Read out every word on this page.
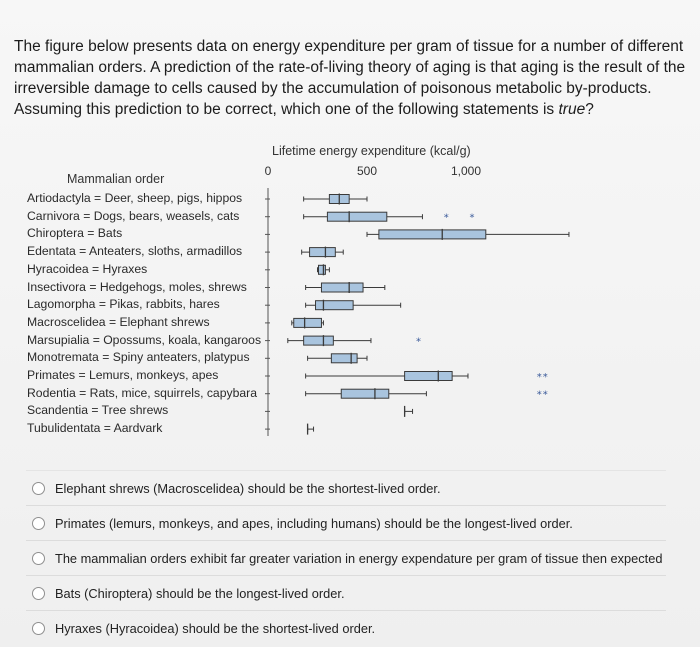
The figure below presents data on energy expenditure per gram of tissue for a number of different mammalian orders. A prediction of the rate-of-living theory of aging is that aging is the result of the irreversible damage to cells caused by the accumulation of poisonous metabolic by-products. Assuming this prediction to be correct, which one of the following statements is true?
Lifetime energy expenditure (kcal/g)
Mammalian order
Artiodactyla = Deer, sheep, pigs, hippos
Carnivora = Dogs, bears, weasels, cats
Chiroptera = Bats
Edentata = Anteaters, sloths, armadillos
Hyracoidea = Hyraxes
Insectivora = Hedgehogs, moles, shrews
Lagomorpha = Pikas, rabbits, hares
Macroscelidea = Elephant shrews
Marsupialia = Opossums, koala, kangaroos
Monotremata = Spiny anteaters, platypus
Primates = Lemurs, monkeys, apes
Rodentia = Rats, mice, squirrels, capybara
Scandentia = Tree shrews
Tubulidentata = Aardvark
0	500	1,000
* *
*
* *
* *
Elephant shrews (Macroscelidea) should be the shortest-lived order.
Primates (lemurs, monkeys, and apes, including humans) should be the longest-lived order.
The mammalian orders exhibit far greater variation in energy expendature per gram of tissue then expected
Bats (Chiroptera) should be the longest-lived order.
Hyraxes (Hyracoidea) should be the shortest-lived order.
